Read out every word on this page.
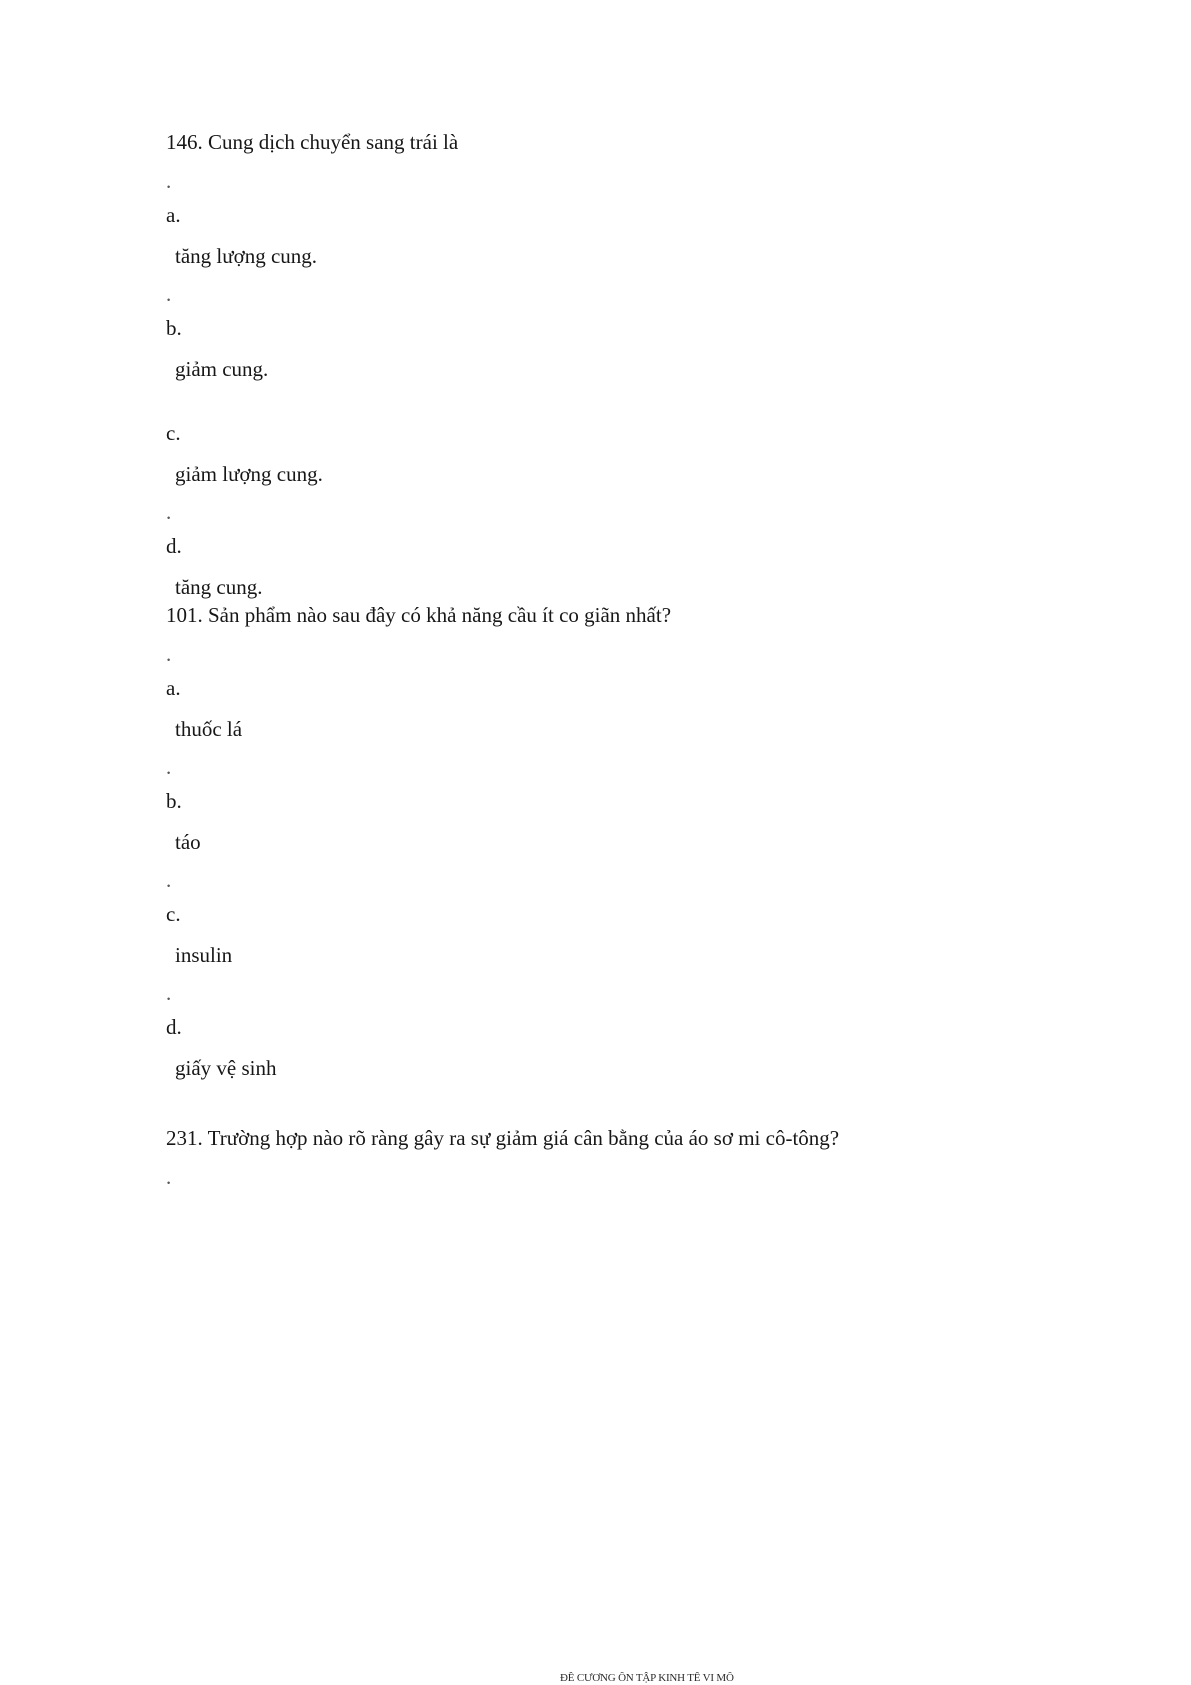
146. Cung dịch chuyển sang trái là
.
a.
tăng lượng cung.
.
b.
giảm cung.
c.
giảm lượng cung.
.
d.
tăng cung.
101. Sản phẩm nào sau đây có khả năng cầu ít co giãn nhất?
.
a.
thuốc lá
.
b.
táo
.
c.
insulin
.
d.
giấy vệ sinh
231. Trường hợp nào rõ ràng gây ra sự giảm giá cân bằng của áo sơ mi cô-tông?
.
ĐỀ CƯƠNG ÔN TẬP KINH TẾ VI MÔ
